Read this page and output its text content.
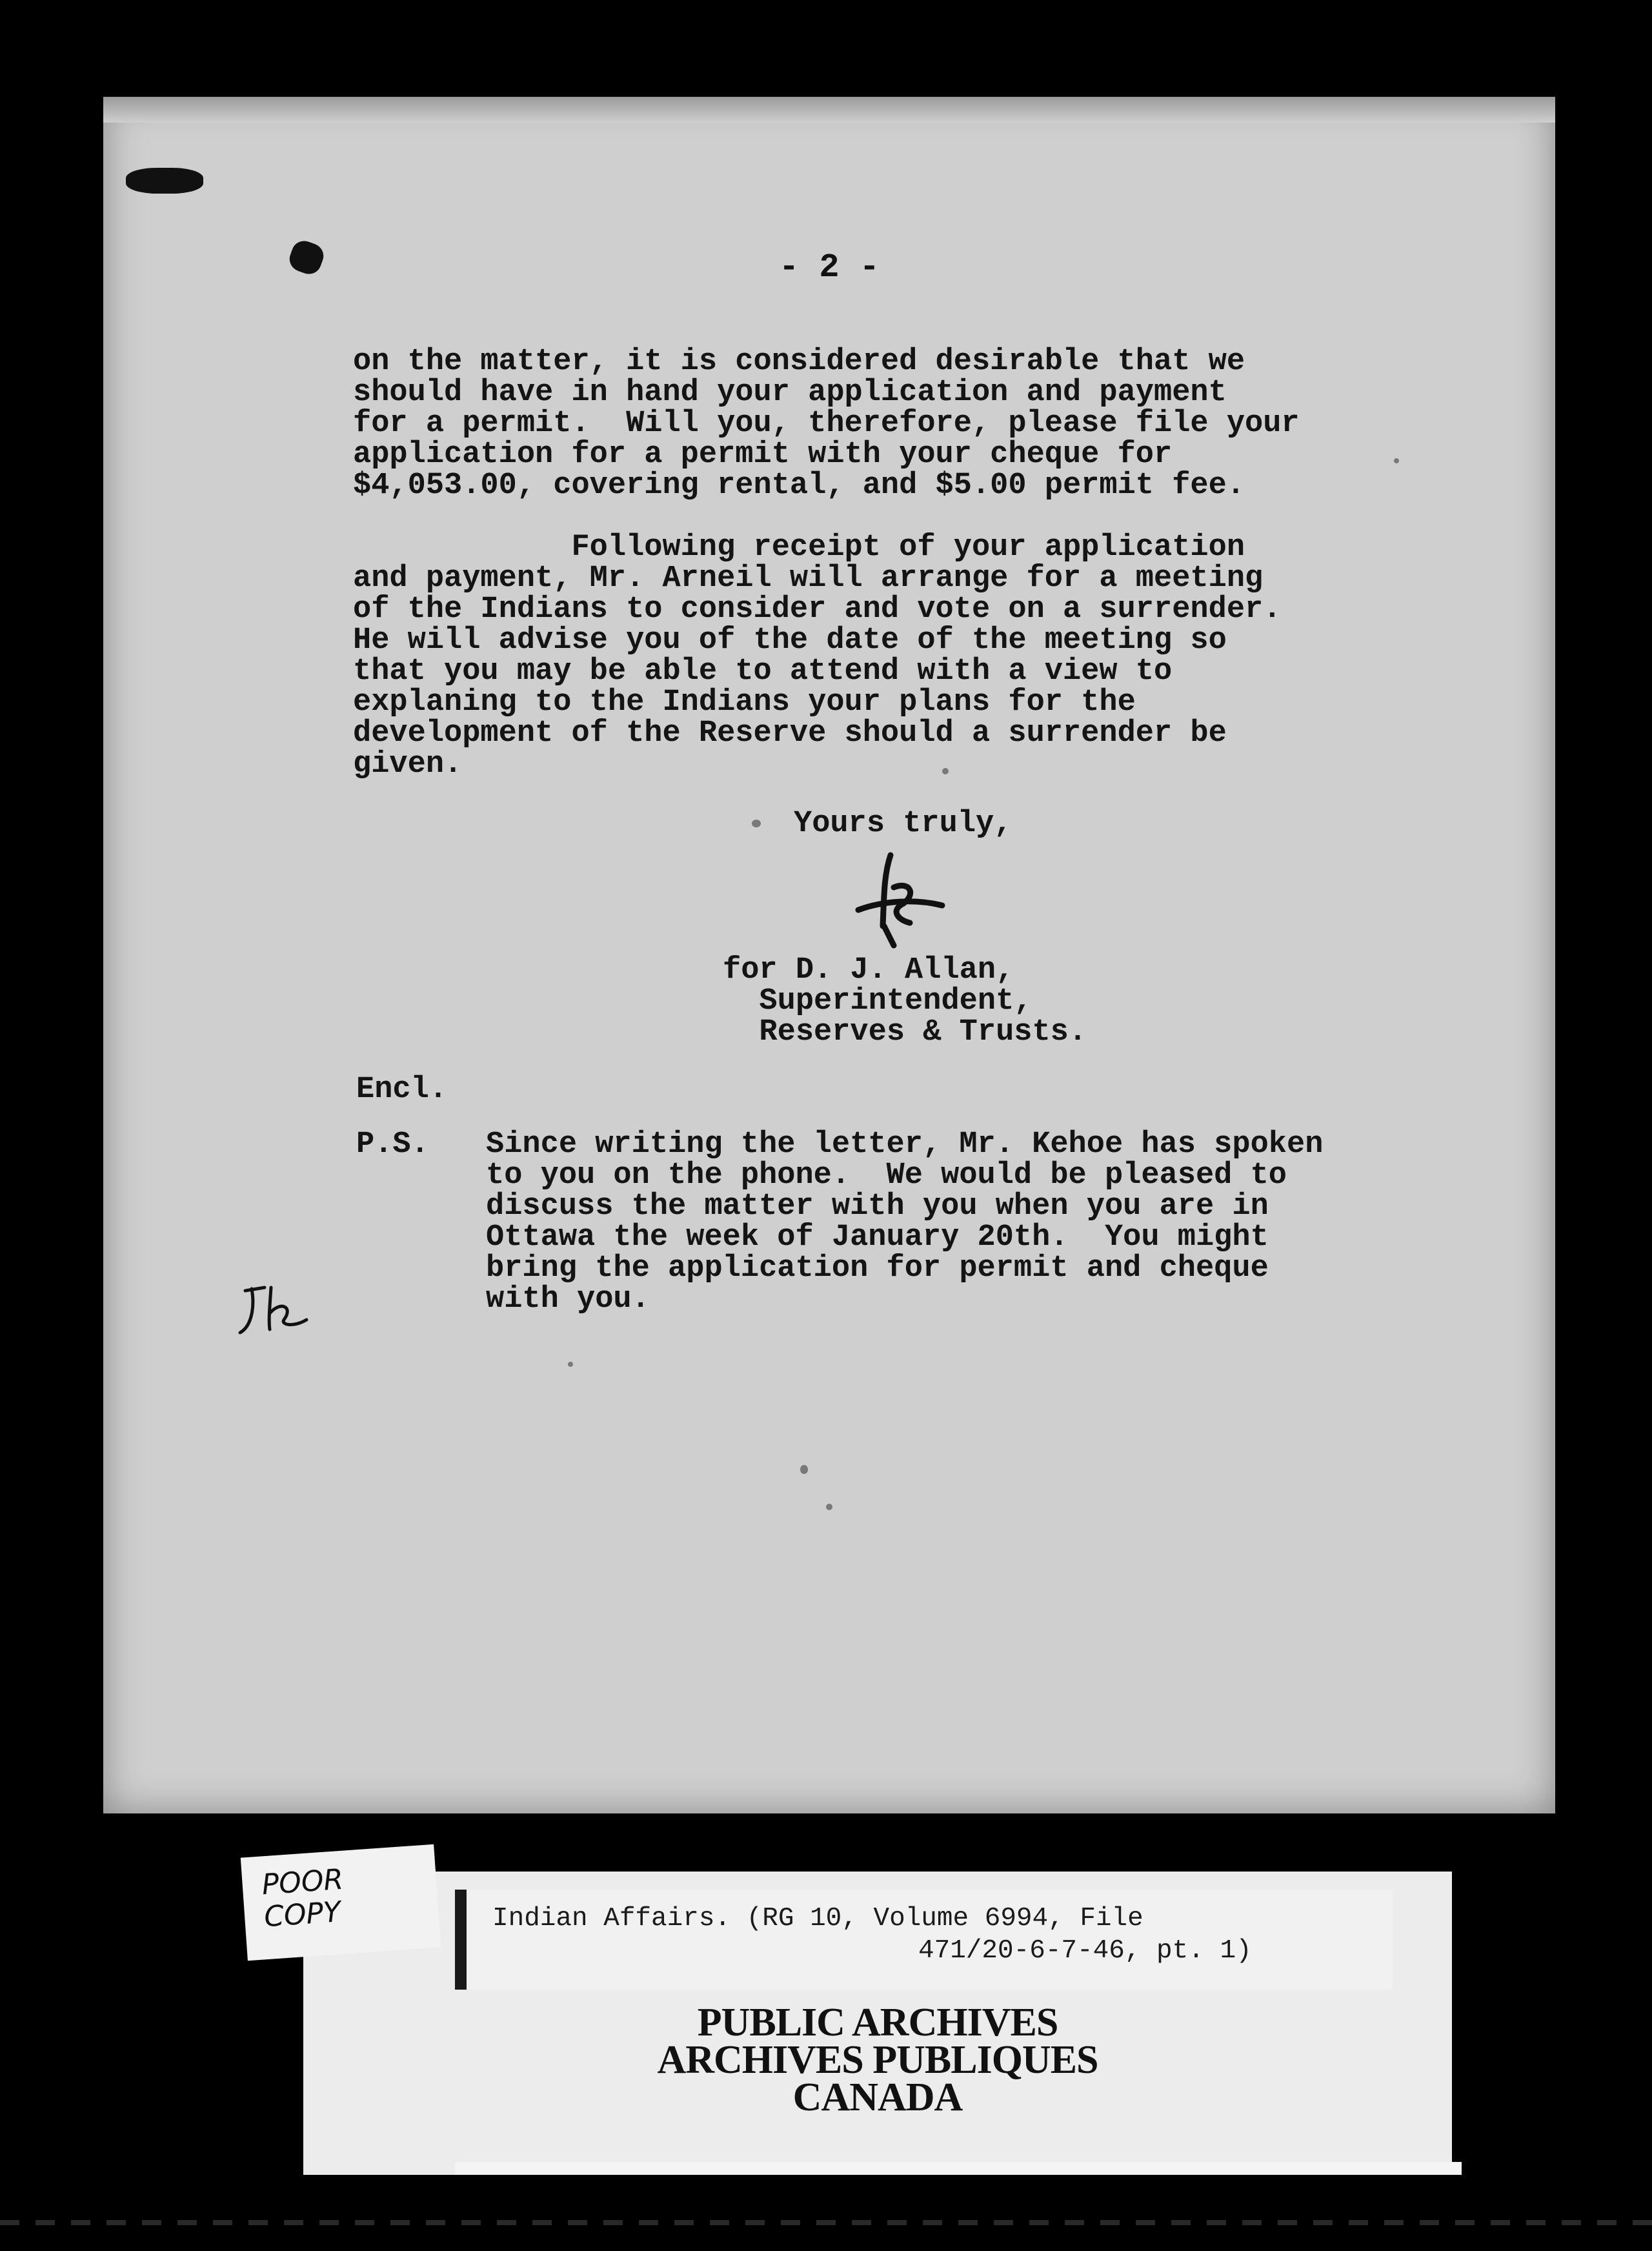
- 2 -
on the matter, it is considered desirable that we
should have in hand your application and payment
for a permit.  Will you, therefore, please file your
application for a permit with your cheque for
$4,053.00, covering rental, and $5.00 permit fee.
Following receipt of your application
and payment, Mr. Arneil will arrange for a meeting
of the Indians to consider and vote on a surrender.
He will advise you of the date of the meeting so
that you may be able to attend with a view to
explaning to the Indians your plans for the
development of the Reserve should a surrender be
given.
Yours truly,
for D. J. Allan,
Superintendent,
Reserves & Trusts.
Encl.
P.S. Since writing the letter, Mr. Kehoe has spoken
to you on the phone.  We would be pleased to
discuss the matter with you when you are in
Ottawa the week of January 20th.  You might
bring the application for permit and cheque
with you.
Indian Affairs. (RG 10, Volume 6994, File
471/20-6-7-46, pt. 1)
PUBLIC ARCHIVES
ARCHIVES PUBLIQUES
CANADA
POOR
COPY
